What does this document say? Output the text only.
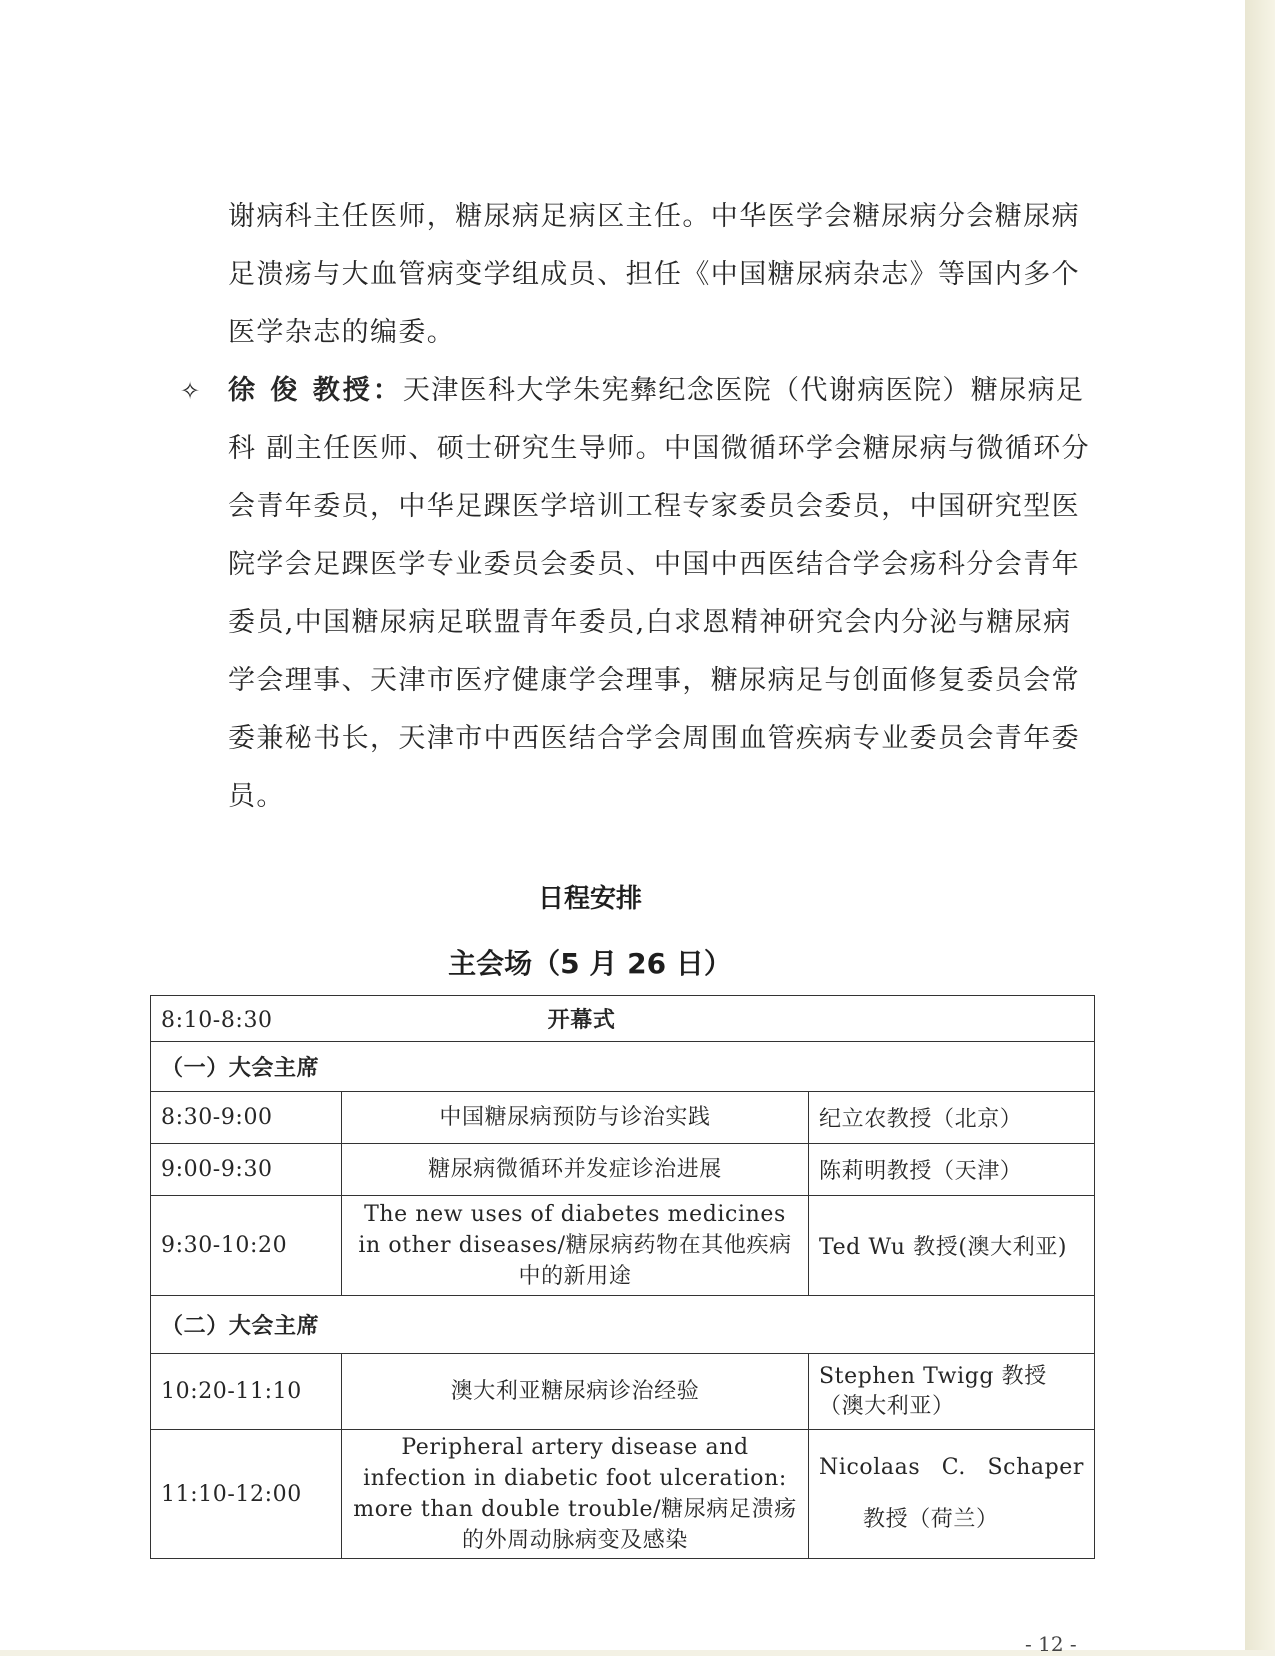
谢病科主任医师，糖尿病足病区主任。中华医学会糖尿病分会糖尿病

足溃疡与大血管病变学组成员、担任《中国糖尿病杂志》等国内多个

医学杂志的编委。

✧ 徐 俊 教授：天津医科大学朱宪彝纪念医院（代谢病医院）糖尿病足

科 副主任医师、硕士研究生导师。中国微循环学会糖尿病与微循环分

会青年委员，中华足踝医学培训工程专家委员会委员，中国研究型医

院学会足踝医学专业委员会委员、中国中西医结合学会疡科分会青年

委员,中国糖尿病足联盟青年委员,白求恩精神研究会内分泌与糖尿病

学会理事、天津市医疗健康学会理事，糖尿病足与创面修复委员会常

委兼秘书长，天津市中西医结合学会周围血管疾病专业委员会青年委

员。

日程安排
主会场（5 月 26 日）
8:10-8:30 开幕式		
（一）大会主席		
8:30-9:00	中国糖尿病预防与诊治实践	纪立农教授（北京）
9:00-9:30	糖尿病微循环并发症诊治进展	陈莉明教授（天津）
9:30-10:20	The new uses of diabetes medicines in other diseases/糖尿病药物在其他疾病中的新用途	Ted Wu 教授(澳大利亚)
（二）大会主席		
10:20-11:10	澳大利亚糖尿病诊治经验	Stephen Twigg 教授（澳大利亚）
11:10-12:00	Peripheral artery disease and infection in diabetic foot ulceration: more than double trouble/糖尿病足溃疡的外周动脉病变及感染	Nicolaas C. Schaper
教授（荷兰）
- 12 -
